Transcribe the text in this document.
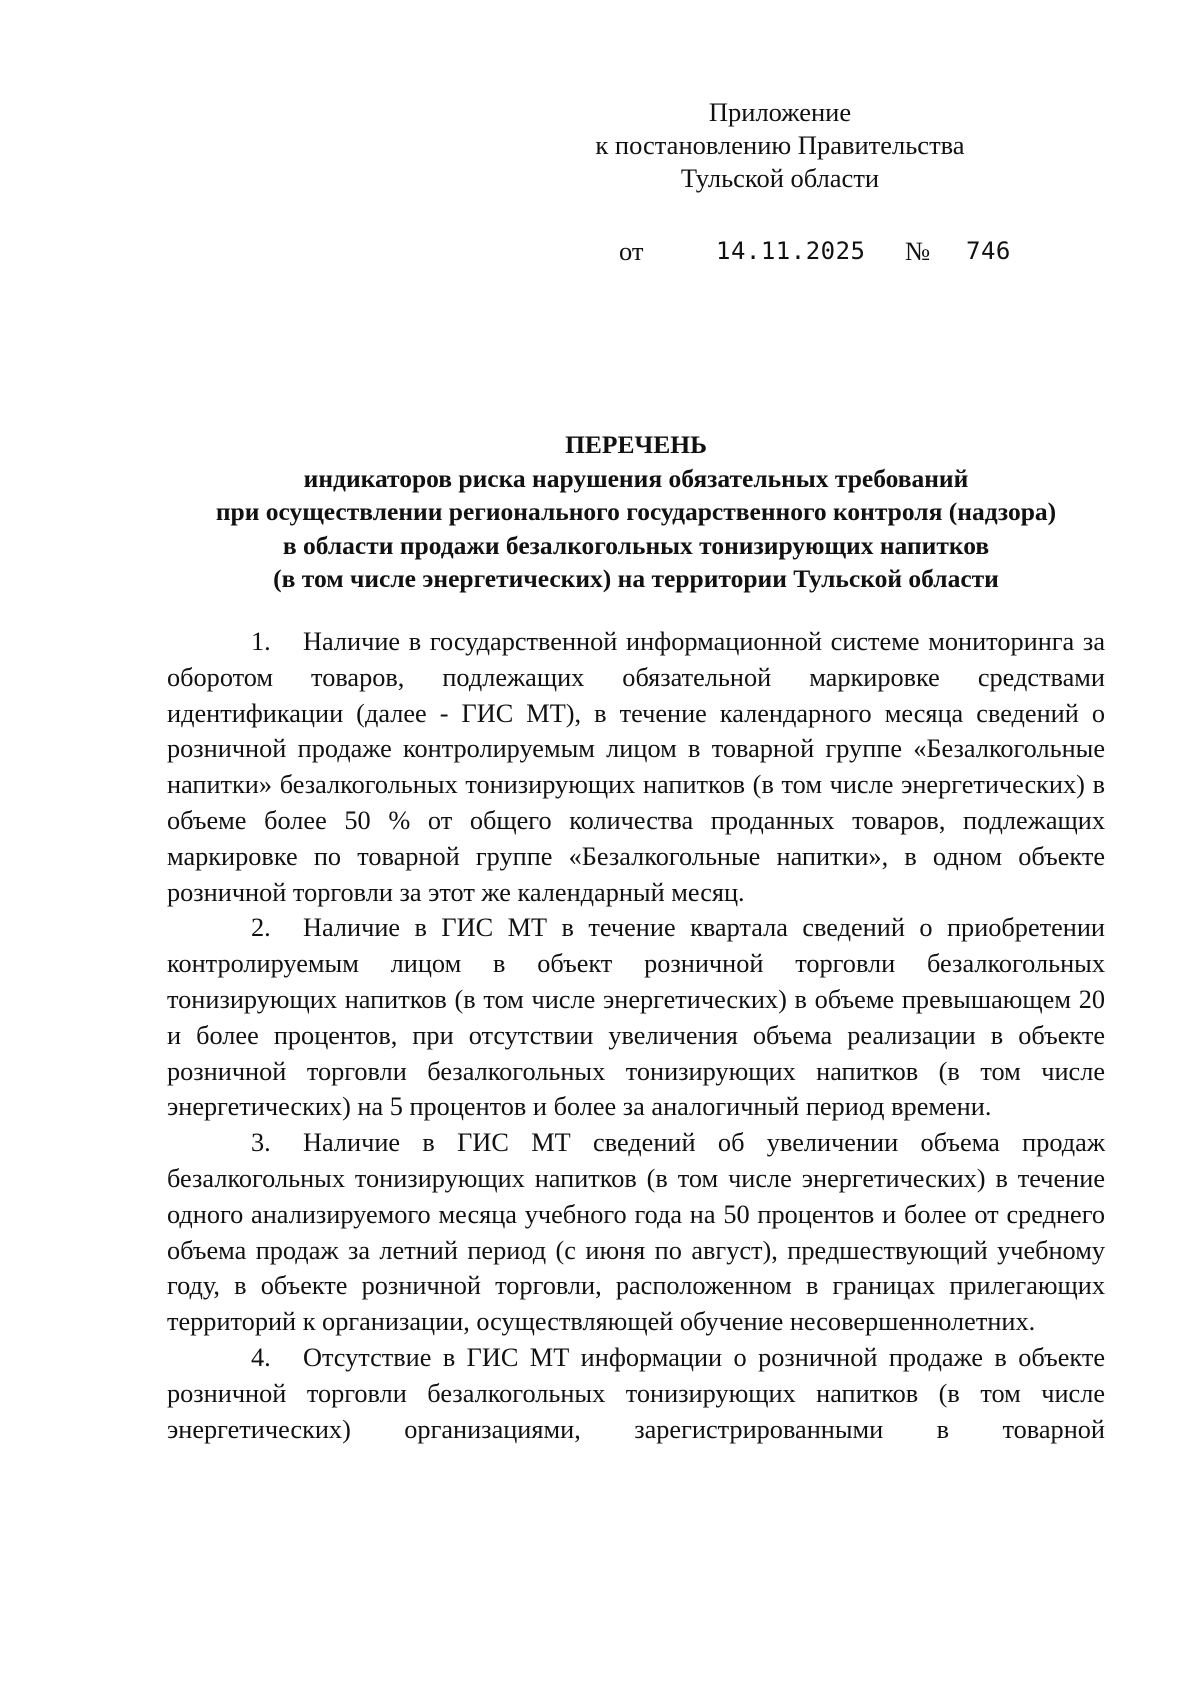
Приложение
к постановлению Правительства
Тульской области
от	14.11.2025 № 746
ПЕРЕЧЕНЬ
индикаторов риска нарушения обязательных требований
при осуществлении регионального государственного контроля (надзора)
в области продажи безалкогольных тонизирующих напитков
(в том числе энергетических) на территории Тульской области

1. Наличие в государственной информационной системе мониторинга за оборотом товаров, подлежащих обязательной маркировке средствами идентификации (далее - ГИС МТ), в течение календарного месяца сведений о розничной продаже контролируемым лицом в товарной группе «Безалкогольные напитки» безалкогольных тонизирующих напитков (в том числе энергетических) в объеме более 50 % от общего количества проданных товаров, подлежащих маркировке по товарной группе «Безалкогольные напитки», в одном объекте розничной торговли за этот же календарный месяц.

2. Наличие в ГИС МТ в течение квартала сведений о приобретении контролируемым лицом в объект розничной торговли безалкогольных тонизирующих напитков (в том числе энергетических) в объеме превышающем 20 и более процентов, при отсутствии увеличения объема реализации в объекте розничной торговли безалкогольных тонизирующих напитков (в том числе энергетических) на 5 процентов и более за аналогичный период времени.

3. Наличие в ГИС МТ сведений об увеличении объема продаж безалкогольных тонизирующих напитков (в том числе энергетических) в течение одного анализируемого месяца учебного года на 50 процентов и более от среднего объема продаж за летний период (с июня по август), предшествующий учебному году, в объекте розничной торговли, расположенном в границах прилегающих территорий к организации, осуществляющей обучение несовершеннолетних.

4. Отсутствие в ГИС МТ информации о розничной продаже в объекте розничной торговли безалкогольных тонизирующих напитков (в том числе энергетических) организациями, зарегистрированными в товарной
